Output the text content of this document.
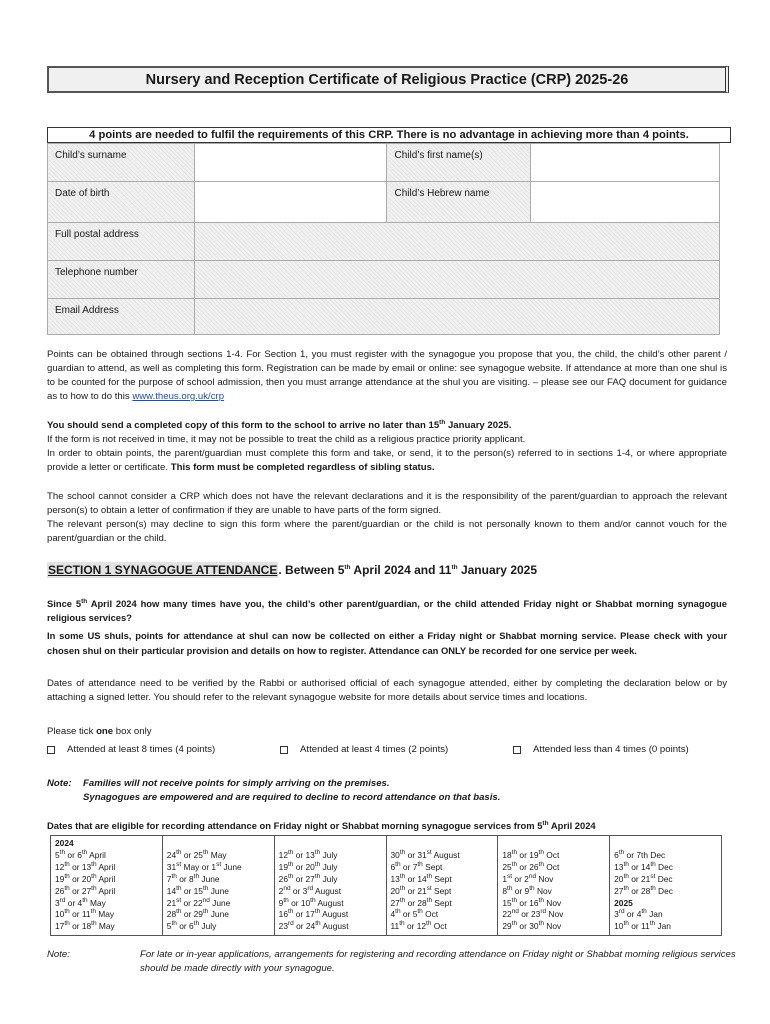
Nursery and Reception Certificate of Religious Practice (CRP) 2025-26
4 points are needed to fulfil the requirements of this CRP. There is no advantage in achieving more than 4 points.
Child’s surname		Child’s first name(s)	
Date of birth		Child’s Hebrew name	
Full postal address			
Telephone number			
Email Address			
Points can be obtained through sections 1-4. For Section 1, you must register with the synagogue you propose that you, the child, the child’s other parent / guardian to attend, as well as completing this form. Registration can be made by email or online: see synagogue website. If attendance at more than one shul is to be counted for the purpose of school admission, then you must arrange attendance at the shul you are visiting. – please see our FAQ document for guidance as to how to do this www.theus.org.uk/crp
You should send a completed copy of this form to the school to arrive no later than 15th January 2025.
If the form is not received in time, it may not be possible to treat the child as a religious practice priority applicant.
In order to obtain points, the parent/guardian must complete this form and take, or send, it to the person(s) referred to in sections 1-4, or where appropriate provide a letter or certificate. This form must be completed regardless of sibling status.
The school cannot consider a CRP which does not have the relevant declarations and it is the responsibility of the parent/guardian to approach the relevant person(s) to obtain a letter of confirmation if they are unable to have parts of the form signed.
The relevant person(s) may decline to sign this form where the parent/guardian or the child is not personally known to them and/or cannot vouch for the parent/guardian or the child.
SECTION 1 SYNAGOGUE ATTENDANCE. Between 5th April 2024 and 11th January 2025
Since 5th April 2024 how many times have you, the child’s other parent/guardian, or the child attended Friday night or Shabbat morning synagogue religious services?
In some US shuls, points for attendance at shul can now be collected on either a Friday night or Shabbat morning service. Please check with your chosen shul on their particular provision and details on how to register. Attendance can ONLY be recorded for one service per week.
Dates of attendance need to be verified by the Rabbi or authorised official of each synagogue attended, either by completing the declaration below or by attaching a signed letter. You should refer to the relevant synagogue website for more details about service times and locations.
Please tick one box only
Attended at least 8 times (4 points)	Attended at least 4 times (2 points)	Attended less than 4 times (0 points)
Note: Families will not receive points for simply arriving on the premises.
Synagogues are empowered and are required to decline to record attendance on that basis.
Dates that are eligible for recording attendance on Friday night or Shabbat morning synagogue services from 5th April 2024
2024
5th or 6th April
12th or 13th April
19th or 20th April
26th or 27th April
3rd or 4th May
10th or 11th May
17th or 18th May

24th or 25th May
31st May or 1st June
7th or 8th June
14th or 15th June
21st or 22nd June
28th or 29th June
5th or 6th July

12th or 13th July
19th or 20th July
26th or 27th July
2nd or 3rd August
9th or 10th August
16th or 17th August
23rd or 24th August

30th or 31st August
6th or 7th Sept
13th or 14th Sept
20th or 21st Sept
27th or 28th Sept
4th or 5th Oct
11th or 12th Oct

18th or 19th Oct
25th or 26th Oct
1st or 2nd Nov
8th or 9th Nov
15th or 16th Nov
22nd or 23rd Nov
29th or 30th Nov

6th or 7th Dec
13th or 14th Dec
20th or 21st Dec
27th or 28th Dec
2025
3rd or 4th Jan
10th or 11th Jan
Note:	For late or in-year applications, arrangements for registering and recording attendance on Friday night or Shabbat morning religious services should be made directly with your synagogue.
